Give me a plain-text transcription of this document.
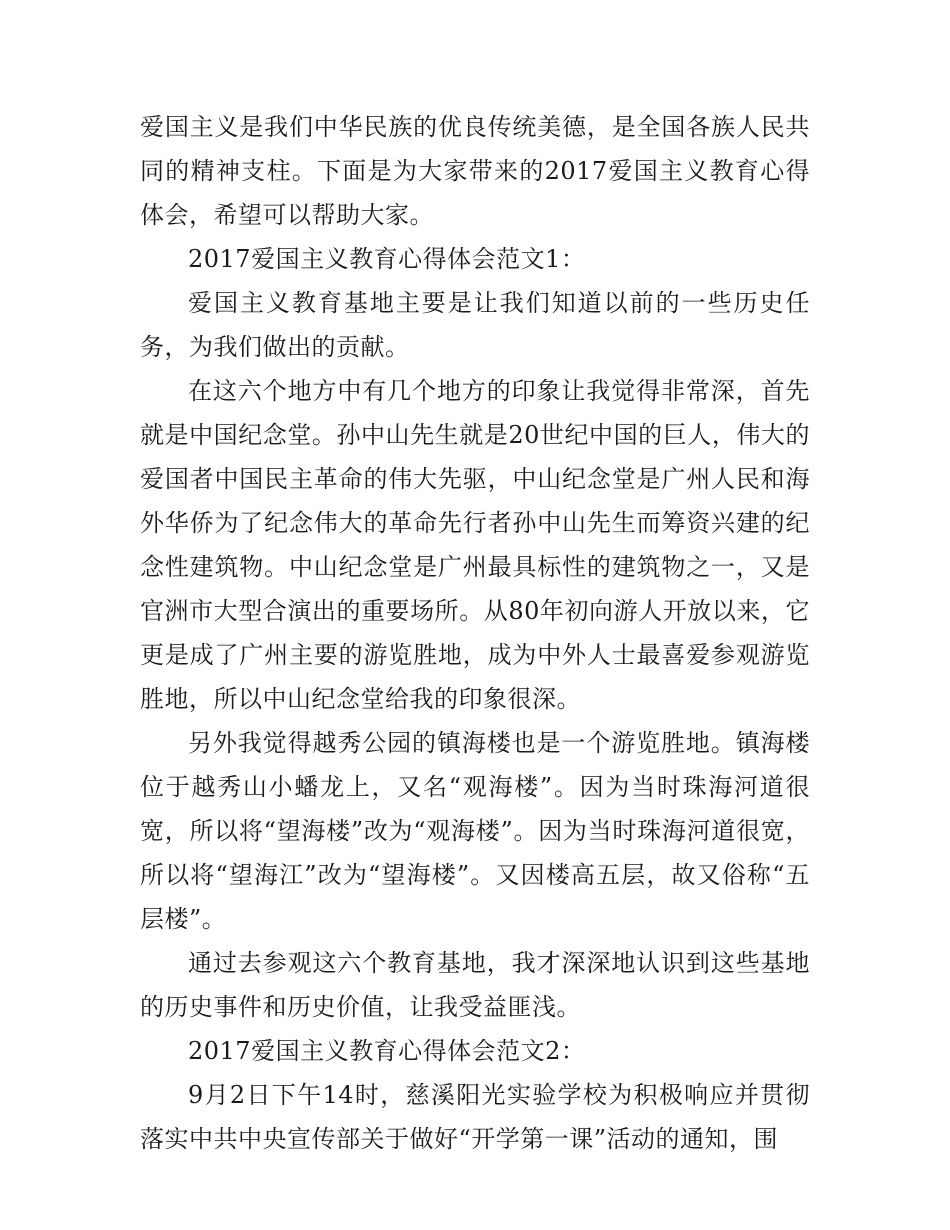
爱国主义是我们中华民族的优良传统美德，是全国各族人民共同的精神支柱。下面是为大家带来的2017爱国主义教育心得体会，希望可以帮助大家。

2017爱国主义教育心得体会范文1：

爱国主义教育基地主要是让我们知道以前的一些历史任务，为我们做出的贡献。

在这六个地方中有几个地方的印象让我觉得非常深，首先就是中国纪念堂。孙中山先生就是20世纪中国的巨人，伟大的爱国者中国民主革命的伟大先驱，中山纪念堂是广州人民和海外华侨为了纪念伟大的革命先行者孙中山先生而筹资兴建的纪念性建筑物。中山纪念堂是广州最具标性的建筑物之一，又是官洲市大型合演出的重要场所。从80年初向游人开放以来，它更是成了广州主要的游览胜地，成为中外人士最喜爱参观游览胜地，所以中山纪念堂给我的印象很深。

另外我觉得越秀公园的镇海楼也是一个游览胜地。镇海楼位于越秀山小蟠龙上，又名“观海楼”。因为当时珠海河道很宽，所以将“望海楼”改为“观海楼”。因为当时珠海河道很宽，所以将“望海江”改为“望海楼”。又因楼高五层，故又俗称“五层楼”。

通过去参观这六个教育基地，我才深深地认识到这些基地的历史事件和历史价值，让我受益匪浅。

2017爱国主义教育心得体会范文2：

9月2日下午14时，慈溪阳光实验学校为积极响应并贯彻落实中共中央宣传部关于做好“开学第一课”活动的通知，围
